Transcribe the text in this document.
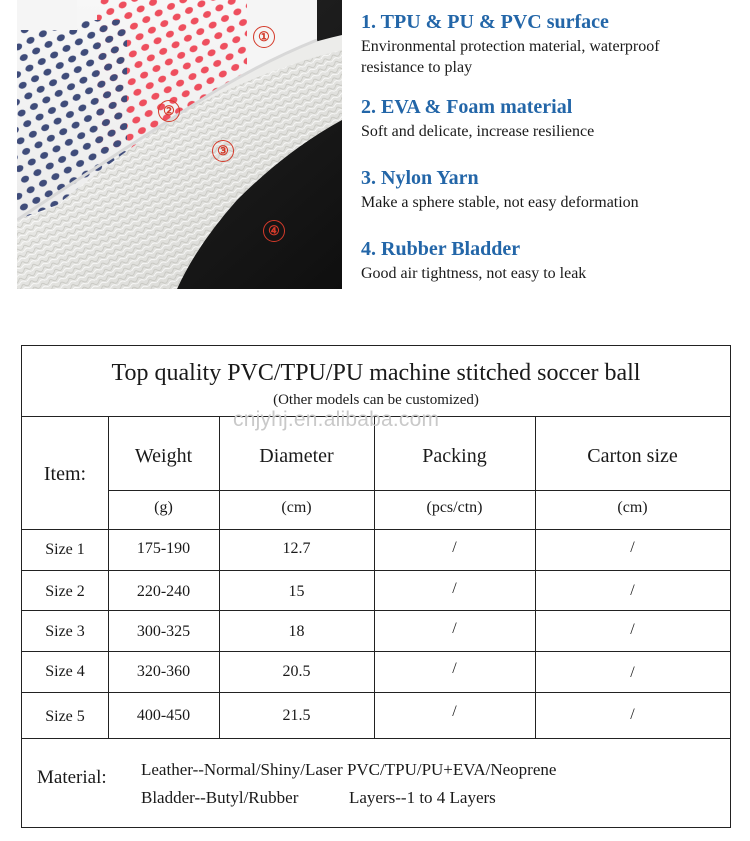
①
②
③
④
1. TPU & PU & PVC surface

Environmental protection material, waterproof

resistance to play

2. EVA & Foam material

Soft and delicate, increase resilience

3. Nylon Yarn

Make a sphere stable, not easy deformation

4. Rubber Bladder

Good air tightness, not easy to leak

Top quality PVC/TPU/PU machine stitched soccer ball
(Other models can be customized)
Item:
Weight	Diameter	Packing	Carton size
(g)	(cm)	(pcs/ctn)	(cm)
Size 1	175-190	12.7	/	/
Size 2	220-240	15	/	/
Size 3	300-325	18	/	/
Size 4	320-360	20.5	/	/
Size 5	400-450	21.5	/	/
Material: Leather--Normal/Shiny/Laser PVC/TPU/PU+EVA/Neoprene
Bladder--Butyl/Rubber	Layers--1 to 4 Layers
cnjyhj.en.alibaba.com
